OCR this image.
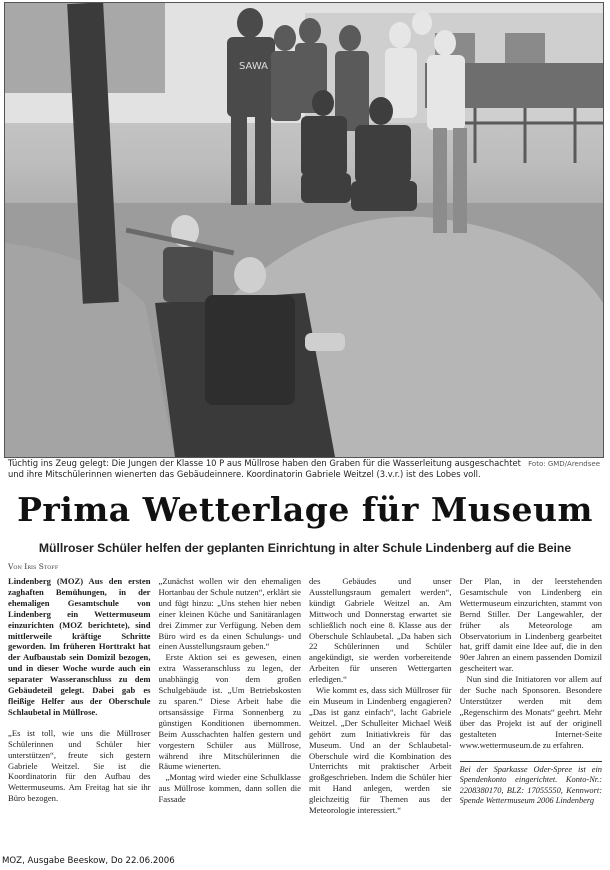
SAWA
Foto: GMD/Arendsee
Tüchtig ins Zeug gelegt: Die Jungen der Klasse 10 P aus Müllrose haben den Graben für die Wasserleitung ausgeschachtet und ihre Mitschülerinnen wienerten das Gebäudeinnere. Koordinatorin Gabriele Weitzel (3.v.r.) ist des Lobes voll.
Prima Wetterlage für Museum
Müllroser Schüler helfen der geplanten Einrichtung in alter Schule Lindenberg auf die Beine
Von Iris Stoff

Lindenberg (MOZ) Aus den ersten zaghaften Bemühungen, in der ehemaligen Gesamtschule von Lindenberg ein Wettermuseum einzurichten (MOZ berichtete), sind mittlerweile kräftige Schritte geworden. Im früheren Horttrakt hat der Aufbaustab sein Domizil bezogen, und in dieser Woche wurde auch ein separater Wasseranschluss zu dem Gebäudeteil gelegt. Dabei gab es fleißige Helfer aus der Oberschule Schlaubetal in Müllrose.

„Es ist toll, wie uns die Müllroser Schülerinnen und Schüler hier unterstützen“, freute sich gestern Gabriele Weitzel. Sie ist die Koordinatorin für den Aufbau des Wettermuseums. Am Freitag hat sie ihr Büro bezogen.

„Zunächst wollen wir den ehemaligen Hortanbau der Schule nutzen“, erklärt sie und fügt hinzu: „Uns stehen hier neben einer kleinen Küche und Sanitäranlagen drei Zimmer zur Verfügung. Neben dem Büro wird es da einen Schulungs- und einen Ausstellungsraum geben.“

Erste Aktion sei es gewesen, einen extra Wasseranschluss zu legen, der unabhängig von dem großen Schulgebäude ist. „Um Betriebskosten zu sparen.“ Diese Arbeit habe die ortsansässige Firma Sonnenberg zu günstigen Konditionen übernommen. Beim Ausschachten halfen gestern und vorgestern Schüler aus Müllrose, während ihre Mitschülerinnen die Räume wienerten.

„Montag wird wieder eine Schulklasse aus Müllrose kommen, dann sollen die Fassade

des Gebäudes und unser Ausstellungsraum gemalert werden“, kündigt Gabriele Weitzel an. Am Mittwoch und Donnerstag erwartet sie schließlich noch eine 8. Klasse aus der Oberschule Schlaubetal. „Da haben sich 22 Schülerinnen und Schüler angekündigt, sie werden vorbereitende Arbeiten für unseren Wettergarten erledigen.“

Wie kommt es, dass sich Müllroser für ein Museum in Lindenberg engagieren? „Das ist ganz einfach“, lacht Gabriele Weitzel. „Der Schulleiter Michael Weiß gehört zum Initiativkreis für das Museum. Und an der Schlaubetal-Oberschule wird die Kombination des Unterrichts mit praktischer Arbeit großgeschrieben. Indem die Schüler hier mit Hand anlegen, werden sie gleichzeitig für Themen aus der Meteorologie interessiert.“

Der Plan, in der leerstehenden Gesamtschule von Lindenberg ein Wettermuseum einzurichten, stammt von Bernd Stiller. Der Langewahler, der früher als Meteorologe am Observatorium in Lindenberg gearbeitet hat, griff damit eine Idee auf, die in den 90er Jahren an einem passenden Domizil gescheitert war.

Nun sind die Initiatoren vor allem auf der Suche nach Sponsoren. Besondere Unterstützer werden mit dem „Regenschirm des Monats“ geehrt. Mehr über das Projekt ist auf der originell gestalteten Internet-Seite www.wettermuseum.de zu erfahren.

Bei der Sparkasse Oder-Spree ist ein Spendenkonto eingerichtet. Konto-Nr.: 2208380170, BLZ: 17055550, Kennwort: Spende Wettermuseum 2006 Lindenberg
MOZ, Ausgabe Beeskow, Do 22.06.2006
